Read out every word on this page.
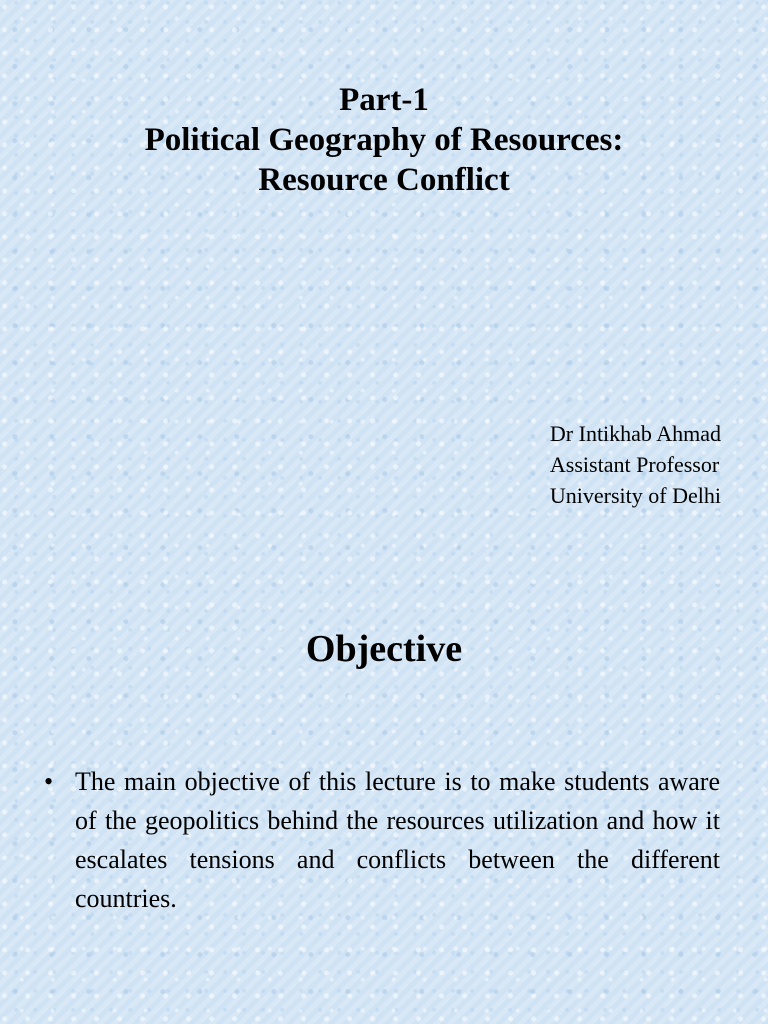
Part-1
Political Geography of Resources:
Resource Conflict
Dr Intikhab Ahmad
Assistant Professor
University of Delhi
Objective
• The main objective of this lecture is to make students aware of the geopolitics behind the resources utilization and how it escalates tensions and conflicts between the different countries.
